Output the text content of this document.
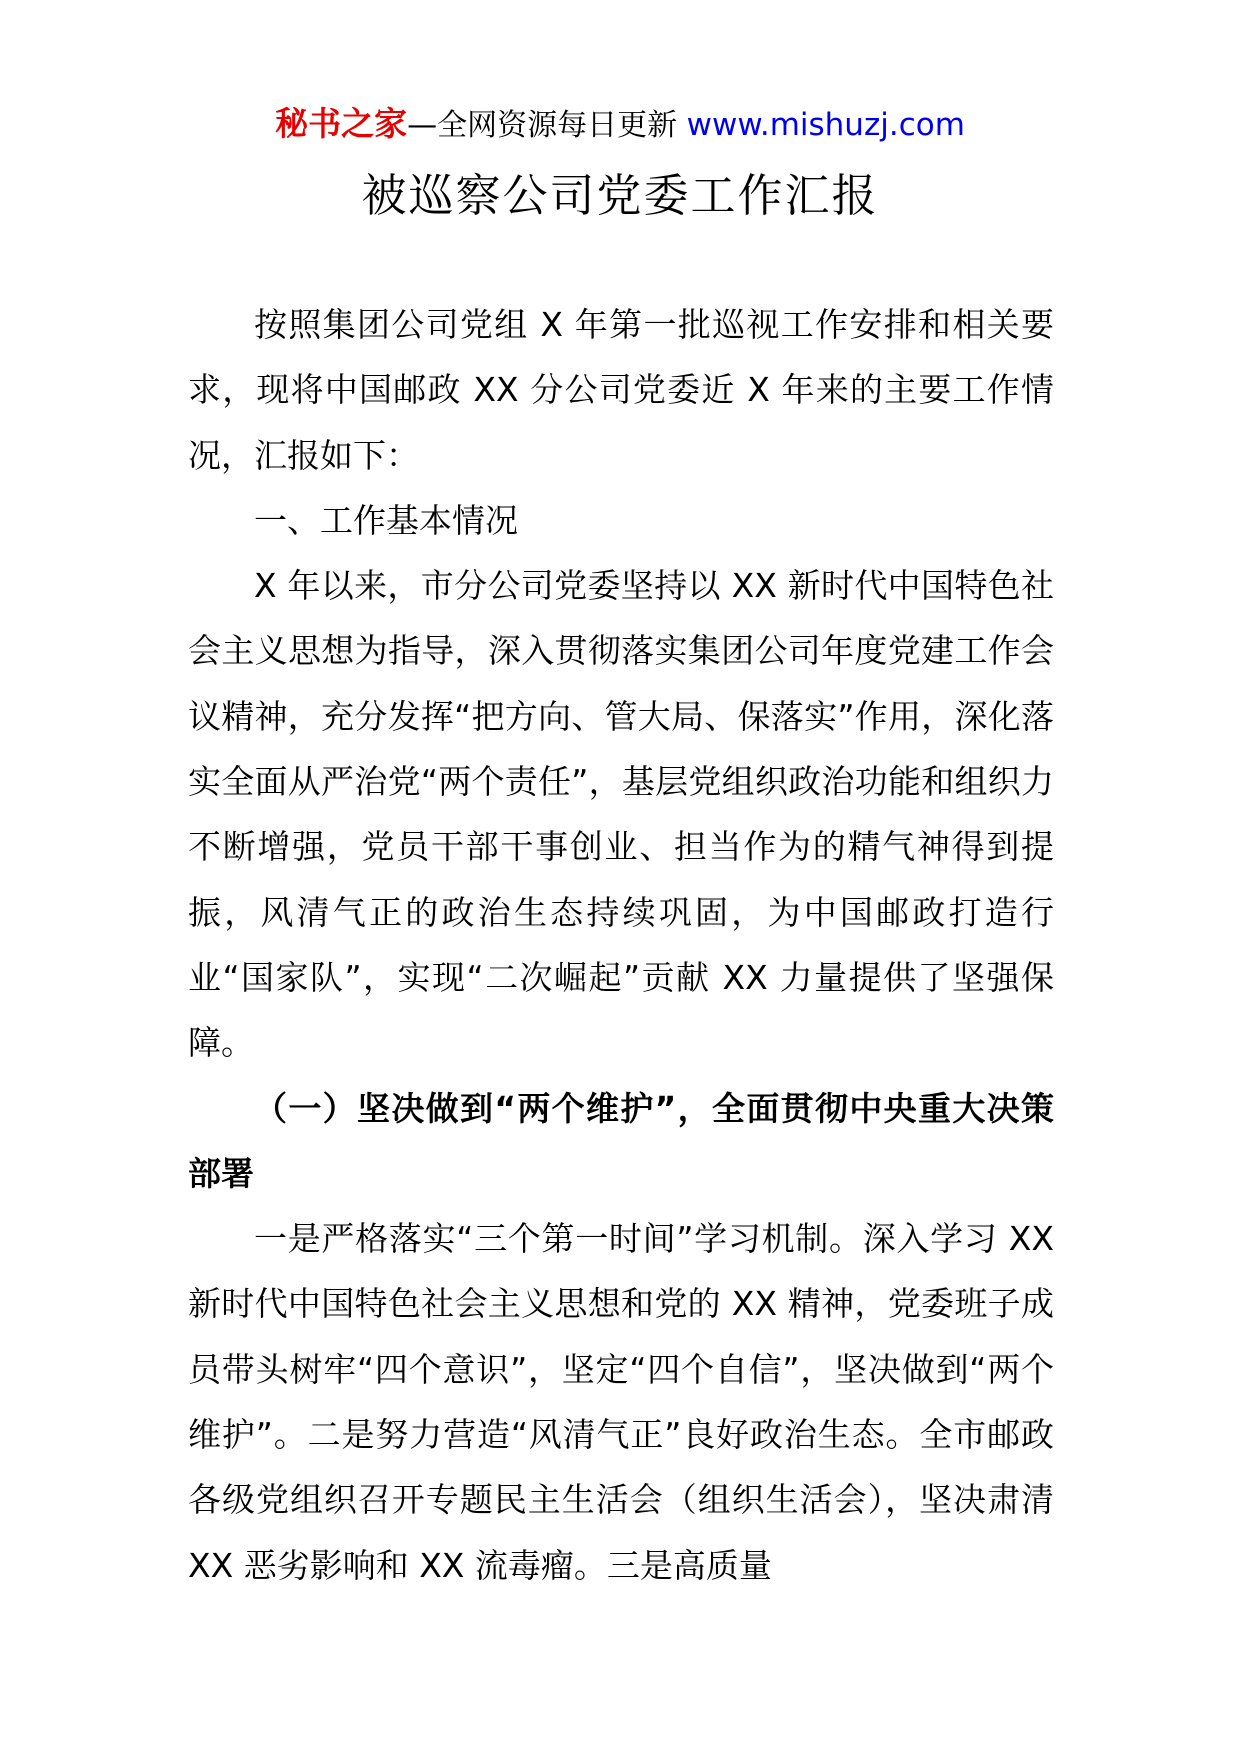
秘书之家—全网资源每日更新 www.mishuzj.com
被巡察公司党委工作汇报

按照集团公司党组 X 年第一批巡视工作安排和相关要求，现将中国邮政 XX 分公司党委近 X 年来的主要工作情况，汇报如下：

一、工作基本情况

X 年以来，市分公司党委坚持以 XX 新时代中国特色社会主义思想为指导，深入贯彻落实集团公司年度党建工作会议精神，充分发挥“把方向、管大局、保落实”作用，深化落实全面从严治党“两个责任”，基层党组织政治功能和组织力不断增强，党员干部干事创业、担当作为的精气神得到提振，风清气正的政治生态持续巩固，为中国邮政打造行业“国家队”，实现“二次崛起”贡献 XX 力量提供了坚强保障。

（一）坚决做到“两个维护”，全面贯彻中央重大决策部署

一是严格落实“三个第一时间”学习机制。深入学习 XX 新时代中国特色社会主义思想和党的 XX 精神，党委班子成员带头树牢“四个意识”，坚定“四个自信”，坚决做到“两个维护”。二是努力营造“风清气正”良好政治生态。全市邮政各级党组织召开专题民主生活会（组织生活会），坚决肃清 XX 恶劣影响和 XX 流毒瘤。三是高质量
